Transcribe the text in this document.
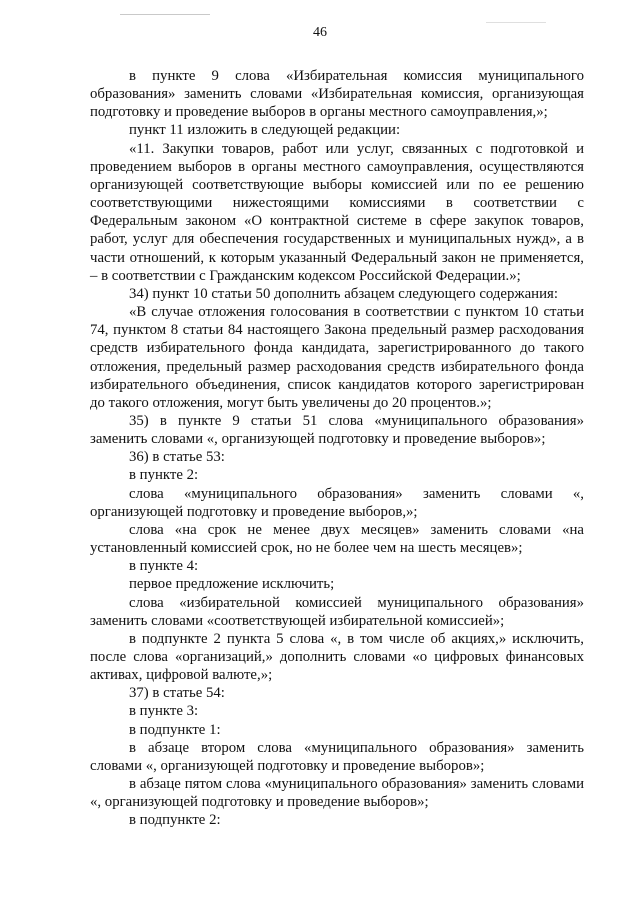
46

в пункте 9 слова «Избирательная комиссия муниципального образования» заменить словами «Избирательная комиссия, организующая подготовку и проведение выборов в органы местного самоуправления,»;

пункт 11 изложить в следующей редакции:

«11. Закупки товаров, работ или услуг, связанных с подготовкой и проведением выборов в органы местного самоуправления, осуществляются организующей соответствующие выборы комиссией или по ее решению соответствующими нижестоящими комиссиями в соответствии с Федеральным законом «О контрактной системе в сфере закупок товаров, работ, услуг для обеспечения государственных и муниципальных нужд», а в части отношений, к которым указанный Федеральный закон не применяется, – в соответствии с Гражданским кодексом Российской Федерации.»;

34) пункт 10 статьи 50 дополнить абзацем следующего содержания:

«В случае отложения голосования в соответствии с пунктом 10 статьи 74, пунктом 8 статьи 84 настоящего Закона предельный размер расходования средств избирательного фонда кандидата, зарегистрированного до такого отложения, предельный размер расходования средств избирательного фонда избирательного объединения, список кандидатов которого зарегистрирован до такого отложения, могут быть увеличены до 20 процентов.»;

35) в пункте 9 статьи 51 слова «муниципального образования» заменить словами «, организующей подготовку и проведение выборов»;

36) в статье 53:

в пункте 2:

слова «муниципального образования» заменить словами «, организующей подготовку и проведение выборов,»;

слова «на срок не менее двух месяцев» заменить словами «на установленный комиссией срок, но не более чем на шесть месяцев»;

в пункте 4:

первое предложение исключить;

слова «избирательной комиссией муниципального образования» заменить словами «соответствующей избирательной комиссией»;

в подпункте 2 пункта 5 слова «, в том числе об акциях,» исключить, после слова «организаций,» дополнить словами «о цифровых финансовых активах, цифровой валюте,»;

37) в статье 54:

в пункте 3:

в подпункте 1:

в абзаце втором слова «муниципального образования» заменить словами «, организующей подготовку и проведение выборов»;

в абзаце пятом слова «муниципального образования» заменить словами «, организующей подготовку и проведение выборов»;

в подпункте 2:
